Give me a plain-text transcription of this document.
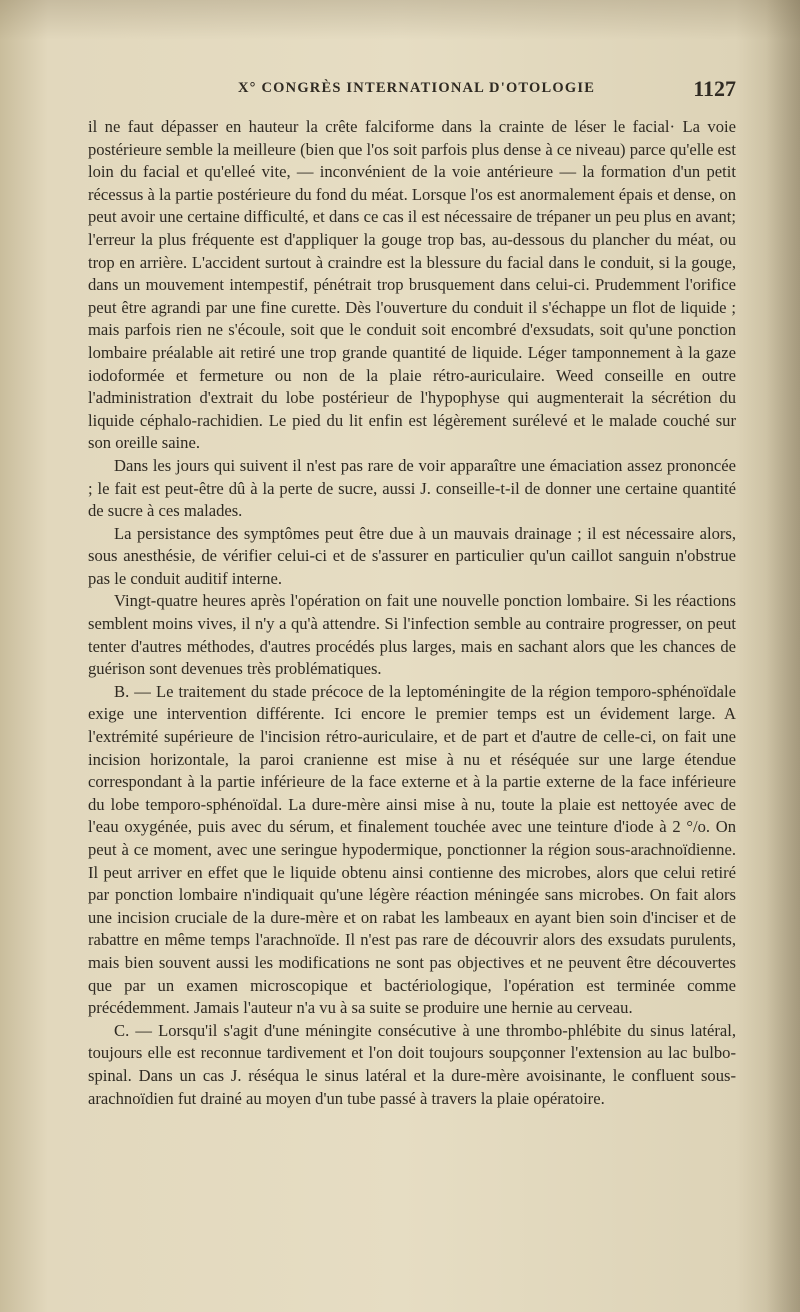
X° CONGRÈS INTERNATIONAL D'OTOLOGIE	1127

il ne faut dépasser en hauteur la crête falciforme dans la crainte de léser le facial· La voie postérieure semble la meilleure (bien que l'os soit parfois plus dense à ce niveau) parce qu'elle est loin du facial et qu'elleé vite, — inconvénient de la voie antérieure — la formation d'un petit récessus à la partie postérieure du fond du méat. Lorsque l'os est anormalement épais et dense, on peut avoir une certaine difficulté, et dans ce cas il est nécessaire de trépaner un peu plus en avant; l'erreur la plus fréquente est d'appliquer la gouge trop bas, au-dessous du plancher du méat, ou trop en arrière. L'accident surtout à craindre est la blessure du facial dans le conduit, si la gouge, dans un mouvement intempestif, pénétrait trop brusquement dans celui-ci. Prudemment l'orifice peut être agrandi par une fine curette. Dès l'ouverture du conduit il s'échappe un flot de liquide ; mais parfois rien ne s'écoule, soit que le conduit soit encombré d'exsudats, soit qu'une ponction lombaire préalable ait retiré une trop grande quantité de liquide. Léger tamponnement à la gaze iodoformée et fermeture ou non de la plaie rétro-auriculaire. Weed conseille en outre l'administration d'extrait du lobe postérieur de l'hypophyse qui augmenterait la sécrétion du liquide céphalo-rachidien. Le pied du lit enfin est légèrement surélevé et le malade couché sur son oreille saine.

Dans les jours qui suivent il n'est pas rare de voir apparaître une émaciation assez prononcée ; le fait est peut-être dû à la perte de sucre, aussi J. conseille-t-il de donner une certaine quantité de sucre à ces malades.

La persistance des symptômes peut être due à un mauvais drainage ; il est nécessaire alors, sous anesthésie, de vérifier celui-ci et de s'assurer en particulier qu'un caillot sanguin n'obstrue pas le conduit auditif interne.

Vingt-quatre heures après l'opération on fait une nouvelle ponction lombaire. Si les réactions semblent moins vives, il n'y a qu'à attendre. Si l'infection semble au contraire progresser, on peut tenter d'autres méthodes, d'autres procédés plus larges, mais en sachant alors que les chances de guérison sont devenues très problématiques.

B. — Le traitement du stade précoce de la leptoméningite de la région temporo-sphénoïdale exige une intervention différente. Ici encore le premier temps est un évidement large. A l'extrémité supérieure de l'incision rétro-auriculaire, et de part et d'autre de celle-ci, on fait une incision horizontale, la paroi cranienne est mise à nu et réséquée sur une large étendue correspondant à la partie inférieure de la face externe et à la partie externe de la face inférieure du lobe temporo-sphénoïdal. La dure-mère ainsi mise à nu, toute la plaie est nettoyée avec de l'eau oxygénée, puis avec du sérum, et finalement touchée avec une teinture d'iode à 2 °/o. On peut à ce moment, avec une seringue hypodermique, ponctionner la région sous-arachnoïdienne. Il peut arriver en effet que le liquide obtenu ainsi contienne des microbes, alors que celui retiré par ponction lombaire n'indiquait qu'une légère réaction méningée sans microbes. On fait alors une incision cruciale de la dure-mère et on rabat les lambeaux en ayant bien soin d'inciser et de rabattre en même temps l'arachnoïde. Il n'est pas rare de découvrir alors des exsudats purulents, mais bien souvent aussi les modifications ne sont pas objectives et ne peuvent être découvertes que par un examen microscopique et bactériologique, l'opération est terminée comme précédemment. Jamais l'auteur n'a vu à sa suite se produire une hernie au cerveau.

C. — Lorsqu'il s'agit d'une méningite consécutive à une thrombo-phlébite du sinus latéral, toujours elle est reconnue tardivement et l'on doit toujours soupçonner l'extension au lac bulbo-spinal. Dans un cas J. réséqua le sinus latéral et la dure-mère avoisinante, le confluent sous-arachnoïdien fut drainé au moyen d'un tube passé à travers la plaie opératoire.
